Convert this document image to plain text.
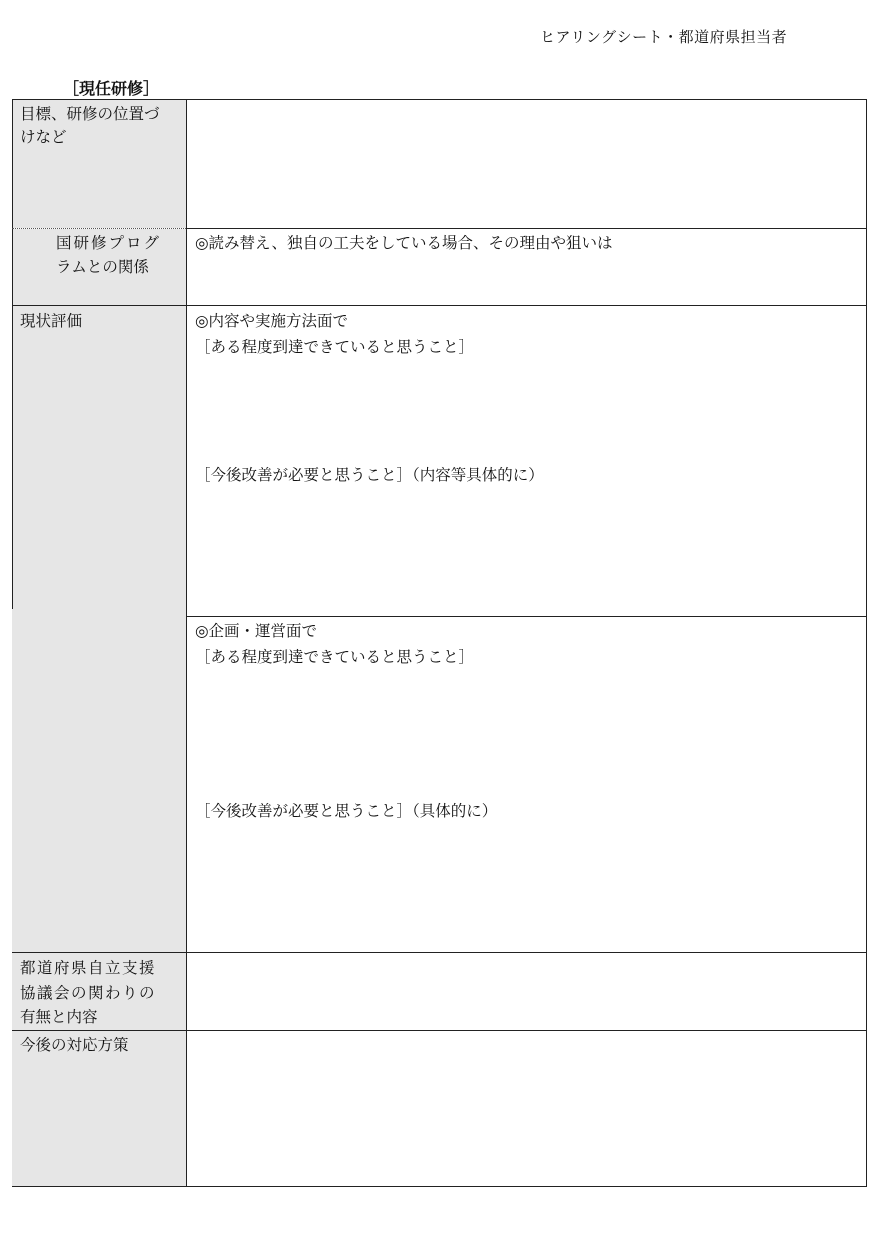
ヒアリングシート・都道府県担当者
［現任研修］
目標、研修の位置づ
けなど
国研修プログ
ラムとの関係
◎読み替え、独自の工夫をしている場合、その理由や狙いは
現状評価	◎内容や実施方法面で
［ある程度到達できていると思うこと］
［今後改善が必要と思うこと］（内容等具体的に）
◎企画・運営面で
［ある程度到達できていると思うこと］
［今後改善が必要と思うこと］（具体的に）
都道府県自立支援
協議会の関わりの
有無と内容
今後の対応方策
